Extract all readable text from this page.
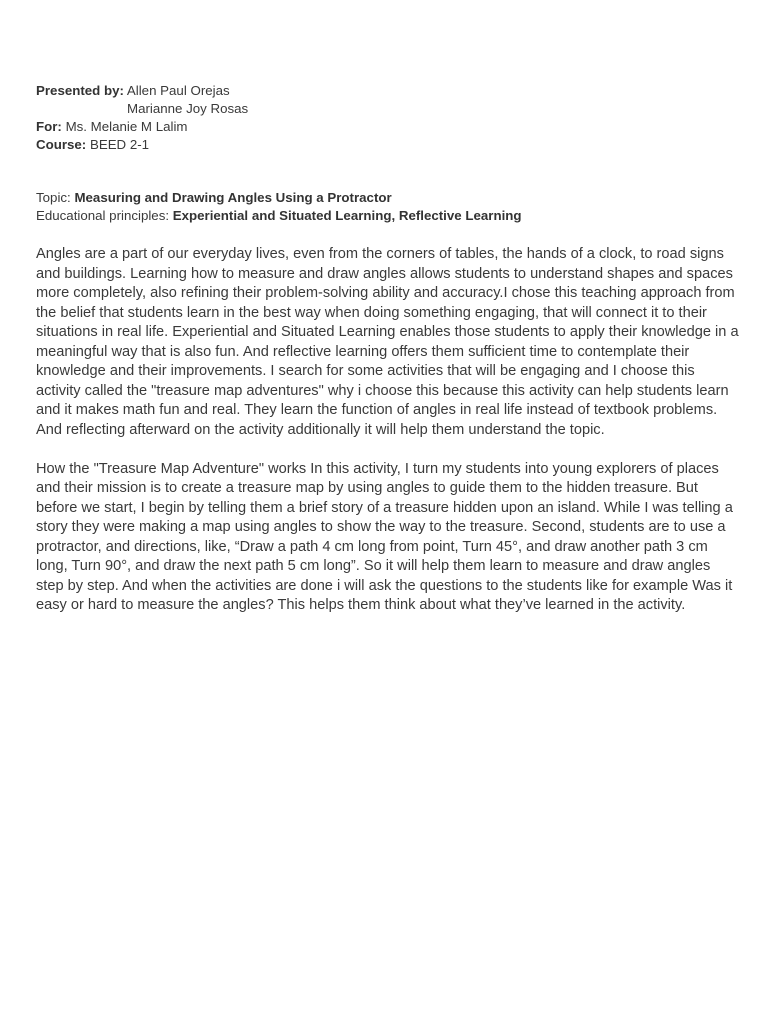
Presented by: Allen Paul Orejas
Marianne Joy Rosas
For: Ms. Melanie M Lalim
Course: BEED 2-1
Topic: Measuring and Drawing Angles Using a Protractor
Educational principles: Experiential and Situated Learning, Reflective Learning

Angles are a part of our everyday lives, even from the corners of tables, the hands of a clock, to road signs and buildings. Learning how to measure and draw angles allows students to understand shapes and spaces more completely, also refining their problem-solving ability and accuracy.I chose this teaching approach from the belief that students learn in the best way when doing something engaging, that will connect it to their situations in real life. Experiential and Situated Learning enables those students to apply their knowledge in a meaningful way that is also fun. And reflective learning offers them sufficient time to contemplate their knowledge and their improvements. I search for some activities that will be engaging and I choose this activity called the "treasure map adventures" why i choose this because this activity can help students learn and it makes math fun and real. They learn the function of angles in real life instead of textbook problems. And reflecting afterward on the activity additionally it will help them understand the topic.

How the "Treasure Map Adventure" works In this activity, I turn my students into young explorers of places and their mission is to create a treasure map by using angles to guide them to the hidden treasure. But before we start, I begin by telling them a brief story of a treasure hidden upon an island. While I was telling a story they were making a map using angles to show the way to the treasure. Second, students are to use a protractor, and directions, like, “Draw a path 4 cm long from point, Turn 45°, and draw another path 3 cm long, Turn 90°, and draw the next path 5 cm long”. So it will help them learn to measure and draw angles step by step. And when the activities are done i will ask the questions to the students like for example Was it easy or hard to measure the angles? This helps them think about what they’ve learned in the activity.
